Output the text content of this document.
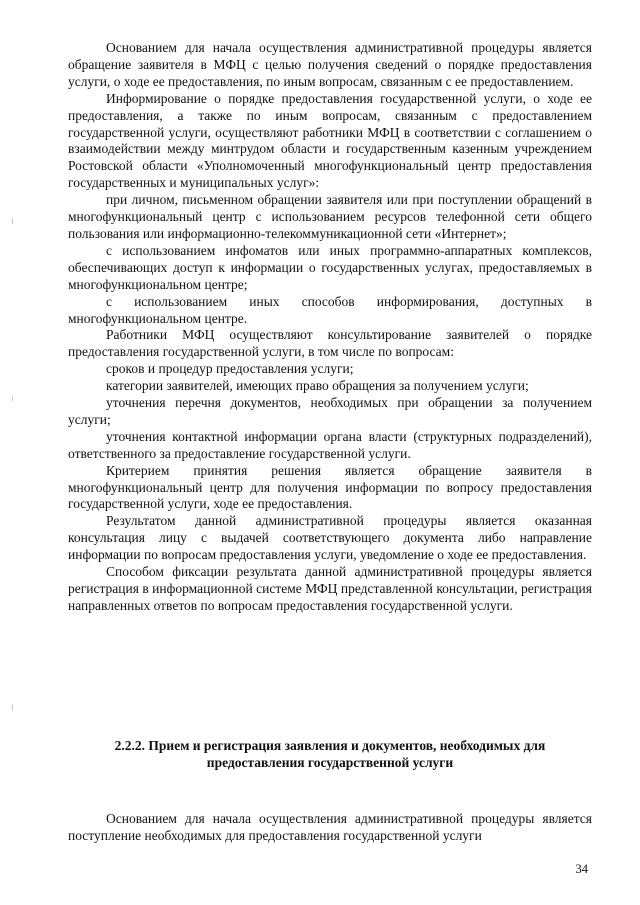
Основанием для начала осуществления административной процедуры является обращение заявителя в МФЦ с целью получения сведений о порядке предоставления услуги, о ходе ее предоставления, по иным вопросам, связанным с ее предоставлением.

Информирование о порядке предоставления государственной услуги, о ходе ее предоставления, а также по иным вопросам, связанным с предоставлением государственной услуги, осуществляют работники МФЦ в соответствии с соглашением о взаимодействии между минтрудом области и государственным казенным учреждением Ростовской области «Уполномоченный многофункциональный центр предоставления государственных и муниципальных услуг»:

при личном, письменном обращении заявителя или при поступлении обращений в многофункциональный центр с использованием ресурсов телефонной сети общего пользования или информационно-телекоммуникационной сети «Интернет»;

с использованием инфоматов или иных программно-аппаратных комплексов, обеспечивающих доступ к информации о государственных услугах, предоставляемых в многофункциональном центре;

с использованием иных способов информирования, доступных в многофункциональном центре.

Работники МФЦ осуществляют консультирование заявителей о порядке предоставления государственной услуги, в том числе по вопросам:

сроков и процедур предоставления услуги;

категории заявителей, имеющих право обращения за получением услуги;

уточнения перечня документов, необходимых при обращении за получением услуги;

уточнения контактной информации органа власти (структурных подразделений), ответственного за предоставление государственной услуги.

Критерием принятия решения является обращение заявителя в многофункциональный центр для получения информации по вопросу предоставления государственной услуги, ходе ее предоставления.

Результатом данной административной процедуры является оказанная консультация лицу с выдачей соответствующего документа либо направление информации по вопросам предоставления услуги, уведомление о ходе ее предоставления.

Способом фиксации результата данной административной процедуры является регистрация в информационной системе МФЦ представленной консультации, регистрация направленных ответов по вопросам предоставления государственной услуги.

2.2.2. Прием и регистрация заявления и документов, необходимых для
предоставления государственной услуги

Основанием для начала осуществления административной процедуры является поступление необходимых для предоставления государственной услуги

34
